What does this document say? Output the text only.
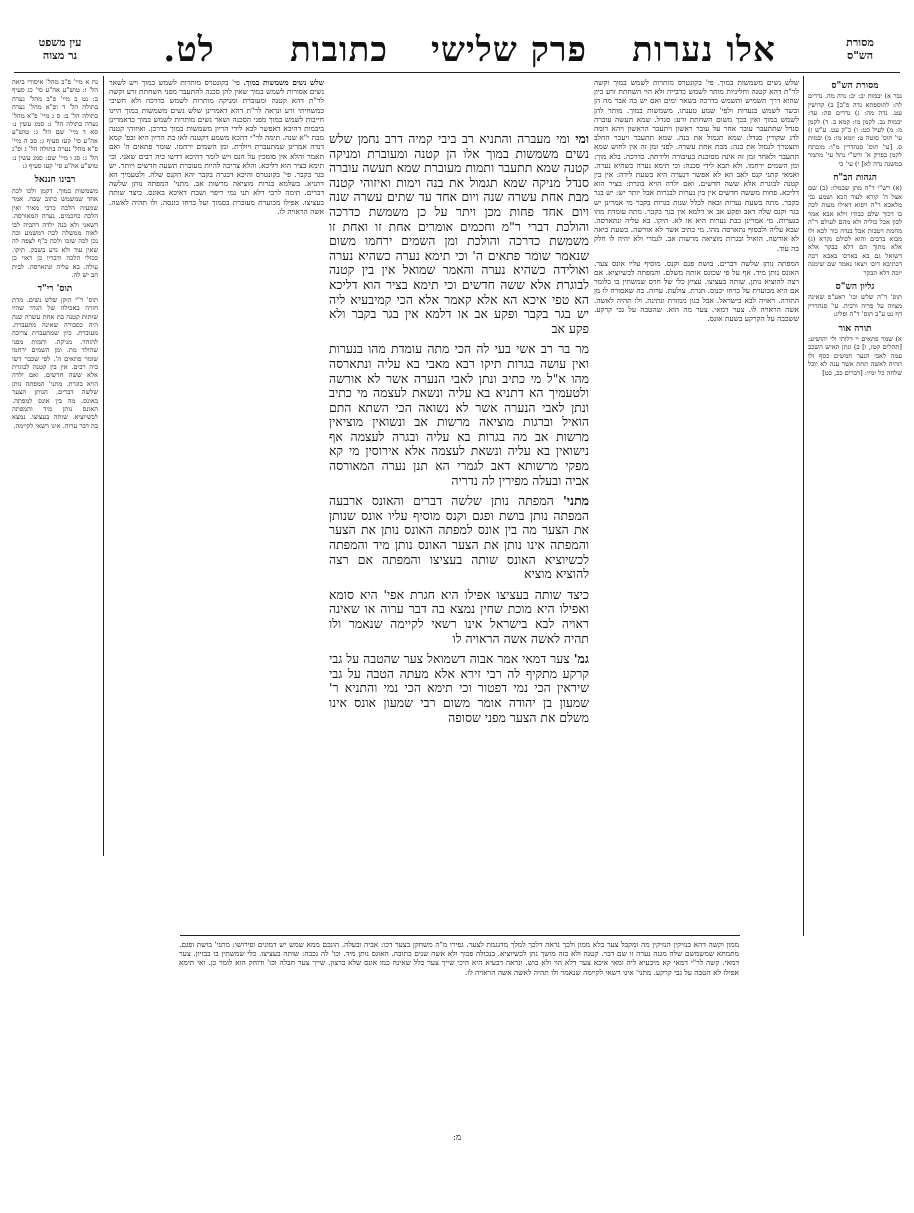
עין משפט
נר מצוה	לט.	כתובות	פרק שלישי	אלו נערות	מסורת
הש"ס
מסורת הש"ס

נבר א) יבמות יב: יב: נדה מה. נדרים לה: לתוספתא נדה פ"ב] ב) קדושין עט. נדה מה: ג) נדרים סה: עד: יבמות נב. לקמן מו: קמא ב. ד) לקמן מ: מ) לעיל כט: ו) כ"ק עט. ע"ש ז) עי' תוס' סוטה ט: יומא מו: מ) יבמות ס. [עי' תוס' סנהדרין מ"ו: מוכתח לקמן בפרק א' ורש"י נתל עי' מתמר במשנה נדה לא] י) עי' כי

הגהות הב"ח

(א) רש"י ד"ה מתן שבמלו: (ב) שם אצל ה' קורא לעוד הכא ושמע גבי מלאכא ר"ה ויפוא דאילו מעות לכה בו דכוך שלם כבודו זילא אבא אמר לכון אכל כוליה ולא מהם לעולם ר"ה מחמת דטבות אבל בנדה כור לכא ולו מבוא ברבים והוא לכולם נקרא (ג) אלא מתוך הם דלא בבקר אלא דשואל גם בא בארכו באבא רבה דכתיבא דוכו ויצאו נאמד שם שימנה יוכה דלא הבקר

גליון הש"ס

תוס' ד"ה שלש וכו' ראע"פ שאינה מצווה על פריה ורביה. עי' סנהדרין דף נט ע"ב תוס' ד"ה ופליג:

תורה אור

א) שמר פתאים יי דלותי ולי יהושיע: [תהלים קטז, ו] ב) ונתן האיש השכב עמה לאבי הנער חמשים כסף ולו תהיה לאשה תחת אשר ענה לא יוכל שלחה כל ימיו: [דברים כב, כט]

שלש נשים משמשות במוך. פי' בקונטרס מותרות לשמש במוך וקשה לר"ת דהא קטנה וחליניות מותר לשמש כדבייה ולא הוי השחתת זרע כיון שהוא דרך תשמיש ותשמש כדרכה בשאר ימים ואם יש בה אבר מה הן ובשר לשמש בנערות ולפי' שמע טענתו. משמשות במוך. מותר להן לשמש במוך ואין בכך משום השחתת זרע: סנדל. שמא תעשה עוברה סנדל שתתעבר עובר אחר על עובר ראשון ויתעכר הראשון ויהא דומה לדג שקורין סנדל: שמא תגמול את בנה. שמא תתעבר ויעכר החלב ותצטרך לגמול את בנה: מבת אחת עשרה. לפני זמן זה אין לחוש שמא תתעבר ולאחר זמן זה אינה מסוכנת בעיבורה ולידתה. כדרכה. בלא מוך: ומן השמים ירחמו. ולא תבא לידי סכנה: וכי תימא נערה כשהיא נערה. ואמאי קתני קנס לאב הא לא אפשר דנערה היא בשעת לידה: אין בין קטנה לבוגרת אלא ששה חדשים. ואם ילדה הויא בוגרת: בציר הוא דליכא. פחות מששה חדשים אין בין נערות לבגרות אבל יותר יש: יש בגר בקבר. מתה בשעת נערות ובאה לכלל שנות בגרות בקבר מי אמרינן יש בגר וקנס שלה דאב ופקע אב או דלמא אין בגר בקבר. מתה עומדת מהו בנערות. מי אמרינן כבת נערות היא או לא. תיקו. בא עליה ונתארסה. שבא עליה ולבסוף נתארסה מהו. מי כתיב אשר לא אורשה. בשעת ביאה לא אורשה. הואיל ובגרות מוציאה מרשות אב. לגמרי ולא יהיה לו חלק בה עוד.

המפתה נותן שלשה דברים. בושת פגם וקנס. מוסיף עליו אונס צער. האונס נותן מיד. אף על פי שכונס אותה משלם. והמפתה לכשיוציא. אם רצה להוציא נותן. שותה בעציצו. עציץ כלי של חרס שמשתין בו כלומר אם היא מכוערת על כרחו יכנוס. חגרת. צולעת. ערוה. בה שאסורה לו מן התורה. ראויה לבא בישראל. אבל כגון ממזרת ונתינה. ולו תהיה לאשה. אשה הראויה לו. צער דמאי. צער מה הוא. שהטבה על גבי קרקע. ששכבה על הקרקע בשעת אונס.

ומי ומי מעברה והתניא רב ביבי קמיה דרב נחמן שלש נשים משמשות במוך אלו הן קטנה ומעוברת ומניקה קטנה שמא תתעבר ותמות מעוברת שמא תעשה עוברה סנדל מניקה שמא תגמול את בנה וימות ואיזוהי קטנה מבת אחת עשרה שנה ויום אחד עד שתים עשרה שנה ויום אחד פחות מכן ויתר על כן משמשת כדרכה והולכת דברי ר"מ וחכמים אומרים אחת זו ואחת זו משמשת כדרכה והולכת ומן השמים ירחמו משום שנאמר שומר פתאים ה' וכי תימא נערה כשהיא נערה ואולידה כשהיא נערה והאמר שמואל אין בין קטנה לבוגרת אלא ששה חדשים וכי תימא בציר הוא דליכא הא טפי איכא הא אלא קאמר אלא הכי קמיבעיא ליה יש בגר בקבר ופקע אב או דלמא אין בגר בקבר ולא פקע אב

מר בר רב אשי בעי לה הכי מתה עומדת מהו בנערות ואין עושה בגרות תיקו רבא מאבי בא עליה ונתארסה מהו א"ל מי כתיב ונתן לאבי הנערה אשר לא אורשה ולטעמיך הא דתניא בא עליה ונשאת לעצמה מי כתיב ונתן לאבי הנערה אשר לא נשואה הכי השתא התם הואיל וברגות מוציאה מרשות אב ונשואין מוציאין מרשות אב מה בגרות בא עליה ובגרה לעצמה אף נישואין בא עליה ונשאת לעצמה אלא אירוסין מי קא מפקי מרשותא דאב לגמרי הא תנן נערה המאורסה אביה ובעלה מפירין לה נדריה

מתני' המפתה נותן שלשה דברים והאונס ארבעה המפתה נותן בושת ופגם וקנס מוסיף עליו אונס שנותן את הצער מה בין אונס למפתה האונס נותן את הצער והמפתה אינו נותן את הצער האונס נותן מיד והמפתה לכשיוציא האונס שותה בעציצו והמפתה אם רצה להוציא מוציא

כיצד שותה בעציצו אפילו היא חגרת אפי' היא סומא ואפילו היא מוכת שחין נמצא בה דבר ערוה או שאינה ראויה לבא בישראל אינו רשאי לקיימה שנאמר ולו תהיה לאשה אשה הראויה לו

גמ' צער דמאי אמר אבוה דשמואל צער שהטבה על גבי קרקע מתקיף לה רבי זירא אלא מעתה הטבה על גבי שיראין הכי נמי דפטור וכי תימא הכי נמי והתניא ר' שמעון בן יהודה אומר משום רבי שמעון אונס אינו משלם את הצער מפני שסופה

שלש נשים משמשות במוך. פי' בקונטרס מותרות לשמש במוך ויש לשאר נשים אסורות לשמש במוך שאין להן סכנה להתעבר מפני השחתת זרע וקשה לר"ת דהא קטנה ומעוברת ומניקה מותרות לשמש כדרכה ולא חשיבי כמשחיתי זרע ונראה לר"ת דהא דאמרינן שלש נשים משמשות במוך היינו חייבות לשמש במוך מפני הסכנה ושאר נשים מותרות לשמש במוך כדאמרינן ביבמות דהיכא דאפשר לבא לידי הריון משמשות במוך כדרכן. ואיזוהי קטנה מבת י"א שנה. תימה לר"י דהכא משמע דקטנה לאו בת הריון היא ובפ' קמא דנדה אמרינן שמתעברת ויולדת. ומן השמים ירחמו. שומר פתאים ה' ואם תאמר והלא אין סומכין על הנס ויש לומר דהיכא דדשו ביה רבים שאני. וכי תימא בציר הוא דליכא. והלא צריכה להיות מעוברת תשעה חדשים ויותר. יש בגר בקבר. פי' בקונטרס והיכא דבגרה בקבר יהא הקנס שלה. ולטעמיך הא דתניא. בשלמא בגרות מוציאה מרשות אב. מתני' המפתה נותן שלשה דברים. תימה לרבי דלא תני נמי ריפוי ושבת דאיכא באונס. כיצד שותה בעציצו. אפילו מכוערת מעוברת בסמוך ועל כרחו כונסה. ולו תהיה לאשה. אשה הראויה לו.

נח א מיי' פ"ב מהל' איסורי ביאה הל' ז: טוש"ע אה"ע סי' כג סעיף ב: נט ב מיי' פ"ב מהל' נערה בתולה הל' ד ופ"א מהל' נערה בתולה הל' ב: ס ג מיי' פ"א מהל' נערה בתולה הל' ג: סמג עשין נ: סא ד מיי' שם הל' ג: טוש"ע אה"ע סי' קעז סעיף ג: סב ה מיי' פ"א מהל' נערה בתולה הל' ג ופ"ג הל' ג: סג ו מיי' שם: סמג עשין נ: טוש"ע אה"ע סי' קעז סעיף ג:

רבינו חננאל

משמשות במוך. דקמן ולכו לכה אחד שמשמש כתוב שבה. אמר שמעיה הלכה כרבי מאיר ואין הלכה כחכמים. נערה המאורסה. דשאני ולא כנה ילדה דהביה לבו לאוה ממשלה לכה דמשמע וכה נכן לכה שזכו ולכה כ"ף לצפה לה שאין עוד ולא נדע בשבק. תיקו. ככולי הלכה ודבריו כן ראוי כן עולה. בא עליה ונתארסה. לבית הב יש לה.

תוס' רי"ד

תוס' ר"י הזקן שלש נשים. מדת חזרה באכילה של הגדר שהיו שותות קטנה בת אחת עשרה שנה היה כסבורה שאינה מתעברת. מעוברת. כיון שמתעברת צריכה להזהר. מניקה. ותמות מפני שהולד מת. ומן השמים ירחמו שומר פתאים ה'. לפי שכבר דשו ביה רבים. אין בין קטנה לבוגרת אלא ששה חדשים. ואם ילדה הויא בוגרת. מתני' המפתה נותן שלשה דברים. הנותן הצער באונס. מה בין אונס למפתה. האונס נותן מיד והמפתה לכשיוציא. שותה בעציצו. נמצא בה דבר ערוה. אינו רשאי לקיימה.

ממון וקשה דהא בנזיקין הנזיקין מה ומקבל צער בלא ממון ולכך נראה דלכך למלך מדגגמת לצער. גפירו מ"ה משחקן בצער דכו: אביה ובעלה. הונכם ממא שמש יש דמונים ופירושו: מתני' בושת ופגם. מתמתא שמשמשם שלה מגנה נערה זו שם דבר. קטנה ולא כזה מושך נתן לכשיוציא. בנכולה פכוך ולא אשה שנים כתובה. האונס נותן מיד. וכו' לה נכבה: שותה בעציצו. כלי שמשתין בו בבזיון. צער דמאי. קשה לר"י דמאי קא מיבעיא ליה ומאי איכא צער דלא הוי ולא בוש. ונראה דבעיא היא היכי שייך צער כלל שאינה כמו אונס שלא ברצון. שייך צער חבלה וכו' ודוחק הוא לומר כן. ואי תימא אפילו לא הטבה על גבי קרקע. מתני' אינו רשאי לקיימה שנאמר ולו תהיה לאשה אשה הראויה לו.
מ:
